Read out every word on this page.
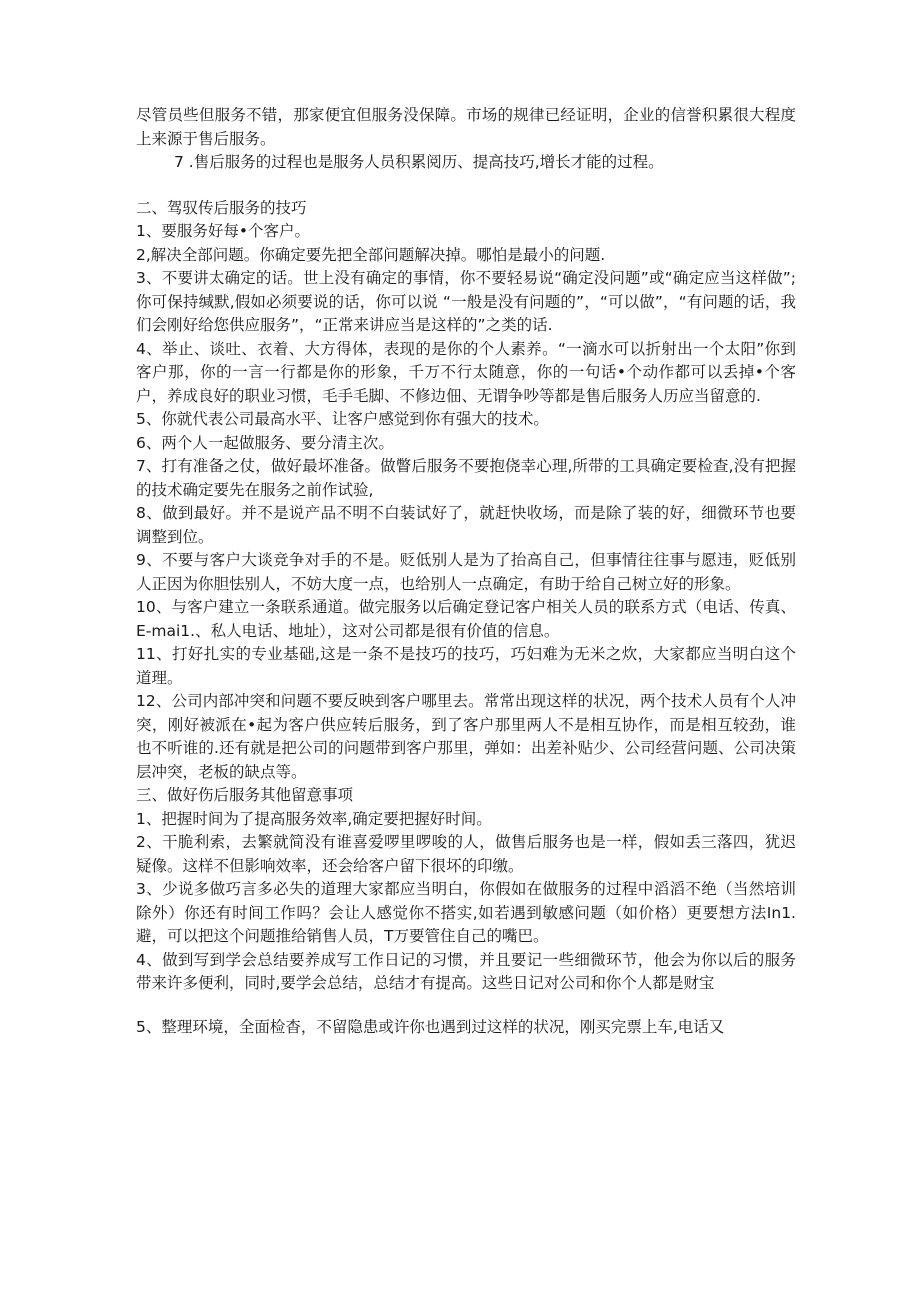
尽管员些但服务不错，那家便宜但服务没保障。市场的规律已经证明，企业的信誉积累很大程度上来源于售后服务。

7 .售后服务的过程也是服务人员积累阅历、提高技巧,增长才能的过程。

二、驾驭传后服务的技巧

1、要服务好每•个客户。

2,解决全部问题。你确定要先把全部问题解决掉。哪怕是最小的问题.

3、不要讲太确定的话。世上没有确定的事情，你不要轻易说“确定没问题”或“确定应当这样做”;你可保持缄默,假如必须要说的话，你可以说 “一般是没有问题的”，“可以做”，“有问题的话，我们会刚好给您供应服务”，“正常来讲应当是这样的”之类的话.

4、举止、谈吐、衣着、大方得体，表现的是你的个人素养。“一滴水可以折射出一个太阳”你到客户那，你的一言一行都是你的形象，千万不行太随意，你的一句话•个动作都可以丢掉•个客户，养成良好的职业习惯，毛手毛脚、不修边佃、无谓争吵等都是售后服务人历应当留意的.

5、你就代表公司最高水平、让客户感觉到你有强大的技术。

6、两个人一起做服务、要分清主次。

7、打有准备之仗，做好最坏准备。做瞥后服务不要抱侥幸心理,所带的工具确定要检查,没有把握的技术确定要先在服务之前作试验,

8、做到最好。并不是说产品不明不白装试好了，就赶快收场，而是除了装的好，细微环节也要调整到位。

9、不要与客户大谈竞争对手的不是。贬低别人是为了抬高自己，但事情往往事与愿违，贬低别人正因为你胆怯别人，不妨大度一点，也给别人一点确定，有助于给自己树立好的形象。

10、与客户建立一条联系通道。做完服务以后确定登记客户相关人员的联系方式（电话、传真、E-mai1.、私人电话、地址），这对公司都是很有价值的信息。

11、打好扎实的专业基础,这是一条不是技巧的技巧，巧妇难为无米之炊，大家都应当明白这个道理。

12、公司内部冲突和问题不要反映到客户哪里去。常常出现这样的状况，两个技术人员有个人冲突，刚好被派在•起为客户供应转后服务，到了客户那里两人不是相互协作，而是相互较劲，谁也不听谁的.还有就是把公司的问题带到客户那里，弹如：出差补贴少、公司经营问题、公司决策层冲突，老板的缺点等。

三、做好伤后服务其他留意事项

1、把握时间为了提高服务效率,确定要把握好时间。

2、干脆利索，去繁就简没有谁喜爱啰里啰唆的人，做售后服务也是一样，假如丢三落四，犹迟疑像。这样不但影响效率，还会给客户留下很坏的印缴。

3、少说多做巧言多必失的道理大家都应当明白，你假如在做服务的过程中滔滔不绝（当然培训除外）你还有时间工作吗？会让人感觉你不搭实,如若遇到敏感问题（如价格）更要想方法In1.避，可以把这个问题推给销售人员，T万要管住自己的嘴巴。

4、做到写到学会总结要养成写工作日记的习惯，并且要记一些细微环节，他会为你以后的服务带来许多便利，同时,要学会总结，总结才有提高。这些日记对公司和你个人都是财宝

5、整理环境，全面检杳，不留隐患或许你也遇到过这样的状况，刚买完票上车,电话又
